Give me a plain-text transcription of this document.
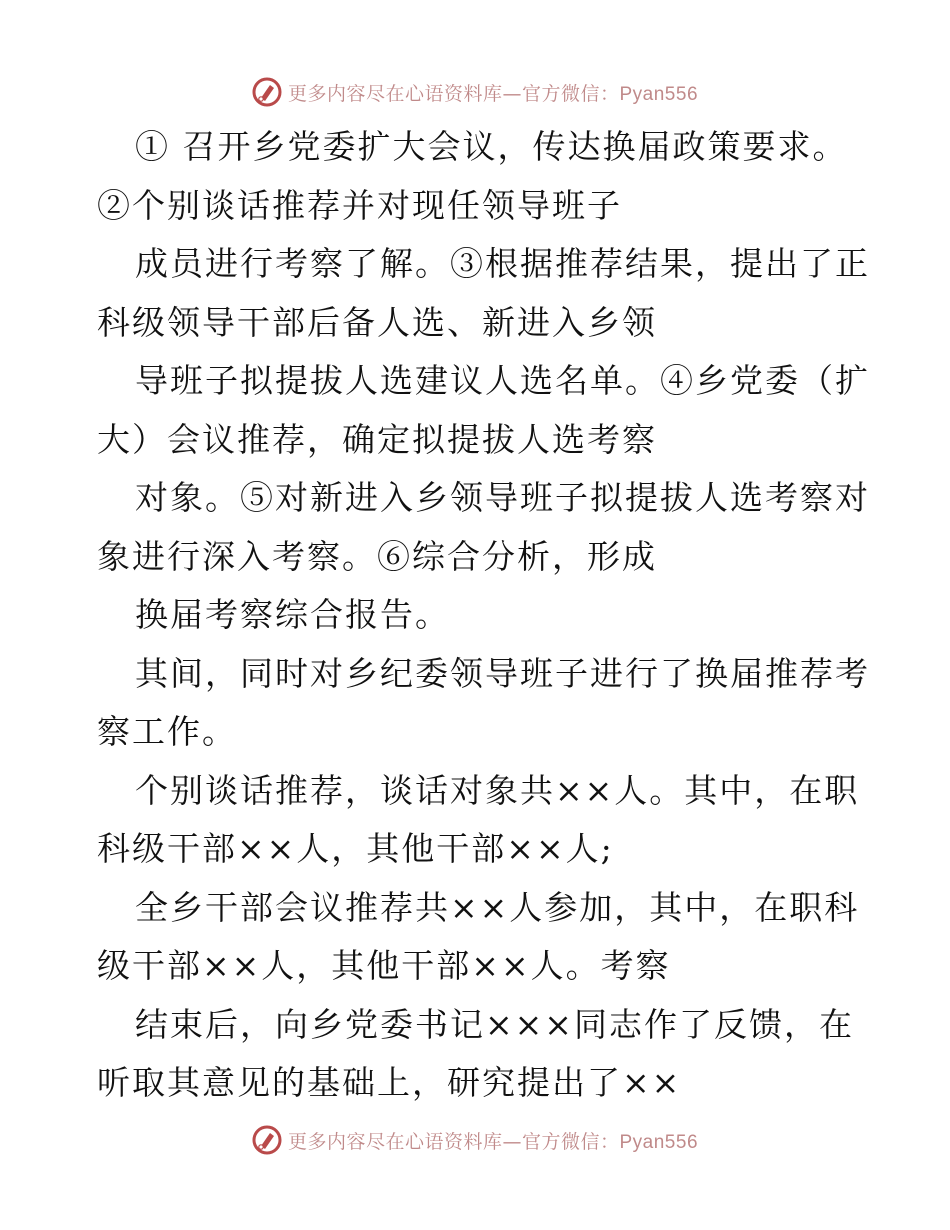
更多内容尽在心语资料库—官方微信：Pyan556
① 召开乡党委扩大会议，传达换届政策要求。
②个别谈话推荐并对现任领导班子
成员进行考察了解。③根据推荐结果，提出了正
科级领导干部后备人选、新进入乡领
导班子拟提拔人选建议人选名单。④乡党委（扩
大）会议推荐，确定拟提拔人选考察
对象。⑤对新进入乡领导班子拟提拔人选考察对
象进行深入考察。⑥综合分析，形成
换届考察综合报告。
其间，同时对乡纪委领导班子进行了换届推荐考
察工作。
个别谈话推荐，谈话对象共××人。其中，在职
科级干部××人，其他干部××人;
全乡干部会议推荐共××人参加，其中，在职科
级干部××人，其他干部××人。考察
结束后，向乡党委书记×××同志作了反馈，在
听取其意见的基础上，研究提出了××
更多内容尽在心语资料库—官方微信：Pyan556
